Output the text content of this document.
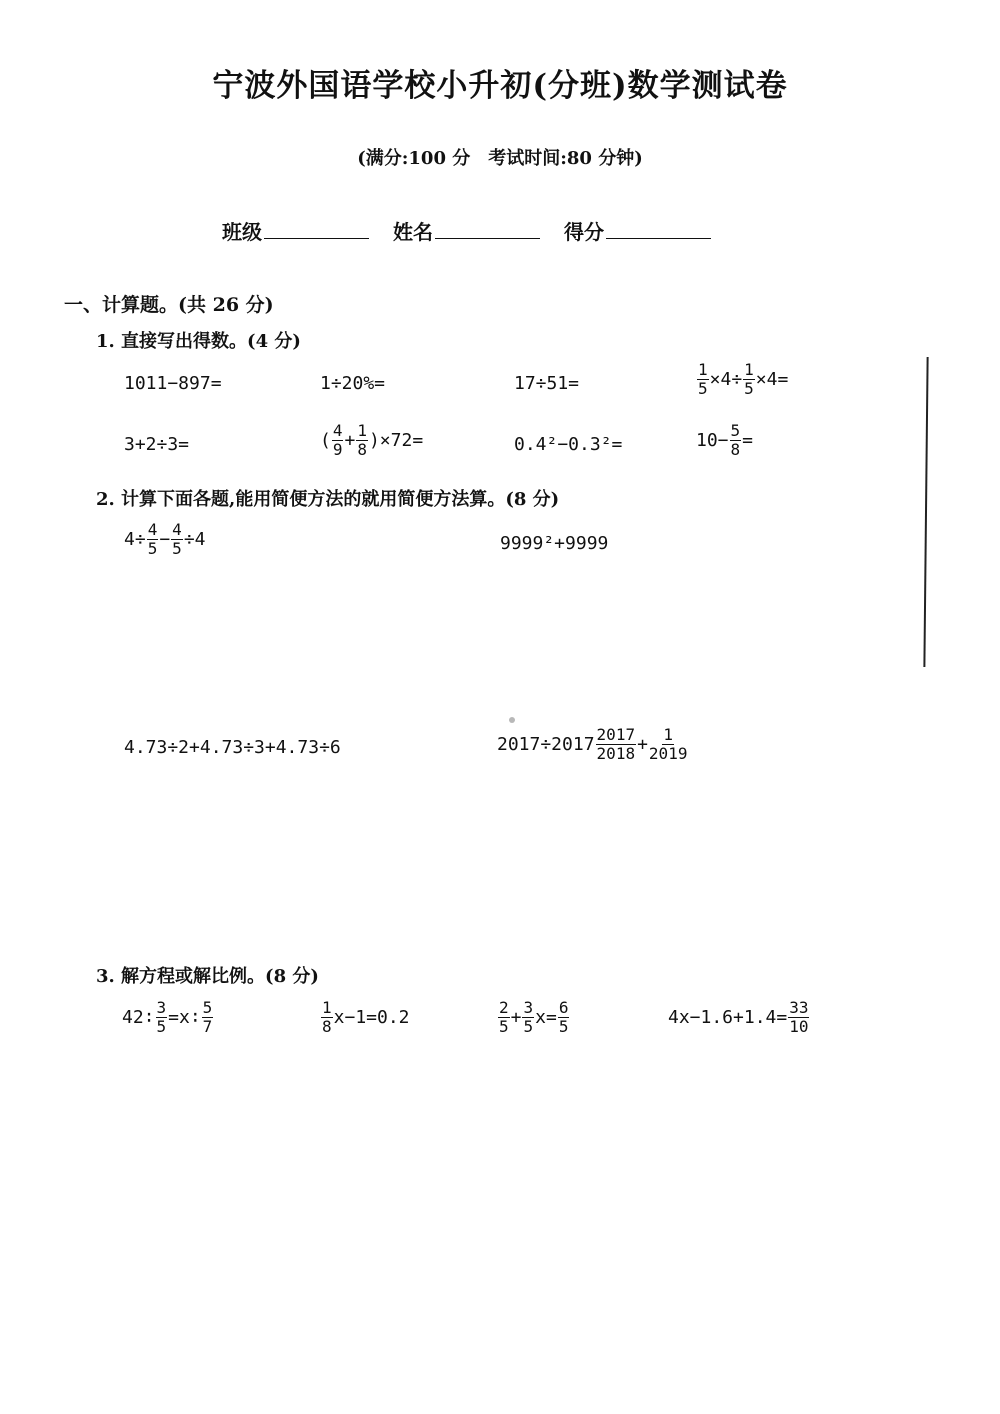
宁波外国语学校小升初(分班)数学测试卷
(满分:100 分　考试时间:80 分钟)
班级	姓名	得分
一、计算题。(共 26 分)
1. 直接写出得数。(4 分)
1011−897=	1÷20%=	17÷51=	$\frac{1}{5} \times 4\div \frac{1}{5} \times 4=$
3+2÷3=	( $\frac{4}{9} + \frac{1}{8} )\times 72=$	0.4²−0.3²=	$10- \frac{5}{8}$ =
2. 计算下面各题,能用简便方法的就用简便方法算。(8 分)
$4\div \frac{4}{5} - \frac{4}{5} \div 4$	9999²+9999
4.73÷2+4.73÷3+4.73÷6	$2017\div 2017 \frac{2017}{2018} + \frac{1}{2019}$
3. 解方程或解比例。(8 分)
42∶ $\frac{3}{5}$ =x∶ $\frac{5}{7}$	$\frac{1}{8} x-1=0.2$	$\frac{2}{5} + \frac{3}{5} x= \frac{6}{5}$	$4x-1.6+1.4= \frac{33}{10}$
